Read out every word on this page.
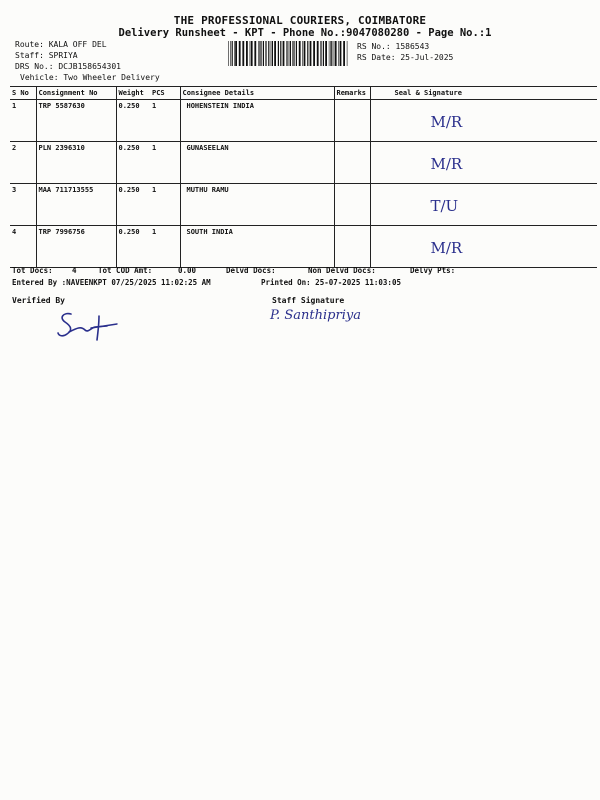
THE PROFESSIONAL COURIERS, COIMBATORE
Delivery Runsheet - KPT - Phone No.:9047080280 - Page No.:1
Route: KALA OFF DEL
Staff: SPRIYA
DRS No.: DCJB158654301
Vehicle: Two Wheeler Delivery
RS No.: 1586543
RS Date: 25-Jul-2025
S No	Consignment No	Weight	PCS	Consignee Details	Remarks	Seal & Signature
1	TRP 5587630	0.250	1	HOHENSTEIN INDIA		M/R

2	PLN 2396310	0.250	1	GUNASEELAN		M/R

3	MAA 711713555	0.250	1	MUTHU RAMU		T/U

4	TRP 7996756	0.250	1	SOUTH INDIA		M/R
Tot Docs:	4	Tot COD Amt:	0.00	Delvd Docs:	Non Delvd Docs:	Delvy Pts:
Entered By :NAVEENKPT 07/25/2025 11:02:25 AM	Printed On: 25-07-2025 11:03:05
Verified By	Staff Signature
P. Santhipriya
